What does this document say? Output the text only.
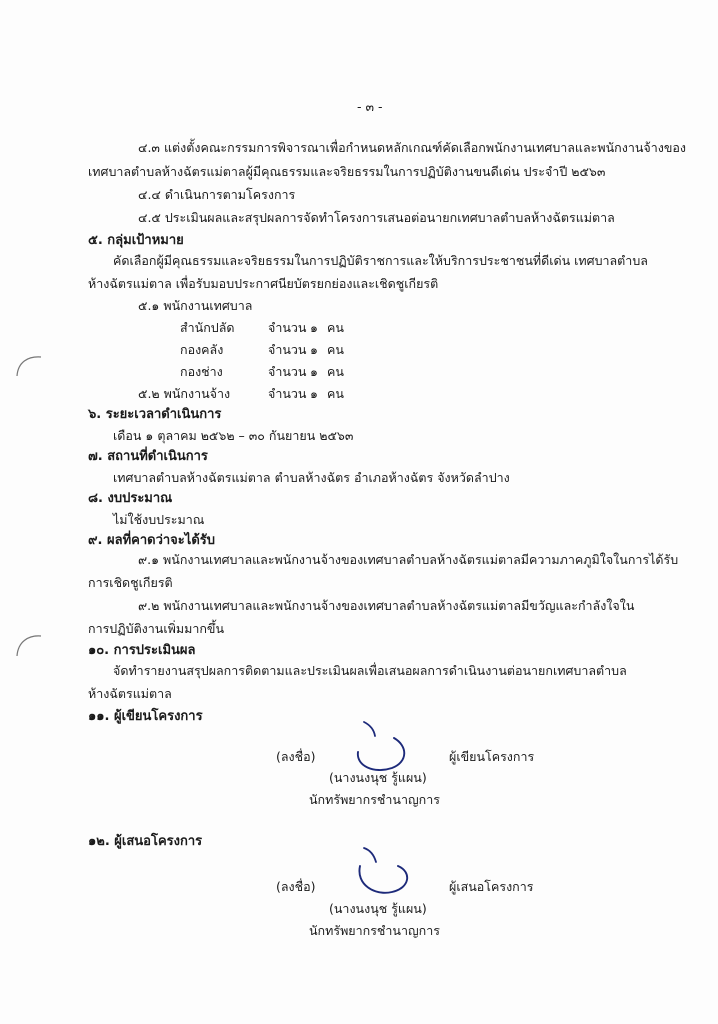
- ๓ -
๔.๓ แต่งตั้งคณะกรรมการพิจารณาเพื่อกำหนดหลักเกณฑ์คัดเลือกพนักงานเทศบาลและพนักงานจ้างของ
เทศบาลตำบลห้างฉัตรแม่ตาลผู้มีคุณธรรมและจริยธรรมในการปฏิบัติงานขนดีเด่น ประจำปี ๒๕๖๓
๔.๔ ดำเนินการตามโครงการ
๔.๕ ประเมินผลและสรุปผลการจัดทำโครงการเสนอต่อนายกเทศบาลตำบลห้างฉัตรแม่ตาล
๕. กลุ่มเป้าหมาย
คัดเลือกผู้มีคุณธรรมและจริยธรรมในการปฏิบัติราชการและให้บริการประชาชนที่ดีเด่น เทศบาลตำบล
ห้างฉัตรแม่ตาล เพื่อรับมอบประกาศนียบัตรยกย่องและเชิดชูเกียรติ
๕.๑ พนักงานเทศบาล
สำนักปลัด	จำนวน ๑ คน
กองคลัง	จำนวน ๑ คน
กองช่าง	จำนวน ๑ คน
๕.๒ พนักงานจ้าง	จำนวน ๑ คน
๖. ระยะเวลาดำเนินการ
เดือน ๑ ตุลาคม ๒๕๖๒ – ๓๐ กันยายน ๒๕๖๓
๗. สถานที่ดำเนินการ
เทศบาลตำบลห้างฉัตรแม่ตาล ตำบลห้างฉัตร อำเภอห้างฉัตร จังหวัดลำปาง
๘. งบประมาณ
ไม่ใช้งบประมาณ
๙. ผลที่คาดว่าจะได้รับ
๙.๑ พนักงานเทศบาลและพนักงานจ้างของเทศบาลตำบลห้างฉัตรแม่ตาลมีความภาคภูมิใจในการได้รับ
การเชิดชูเกียรติ
๙.๒ พนักงานเทศบาลและพนักงานจ้างของเทศบาลตำบลห้างฉัตรแม่ตาลมีขวัญและกำลังใจใน
การปฏิบัติงานเพิ่มมากขึ้น
๑๐. การประเมินผล
จัดทำรายงานสรุปผลการติดตามและประเมินผลเพื่อเสนอผลการดำเนินงานต่อนายกเทศบาลตำบล
ห้างฉัตรแม่ตาล
๑๑. ผู้เขียนโครงการ
(ลงชื่อ)	ผู้เขียนโครงการ
(นางนงนุช รู้แผน)
นักทรัพยากรชำนาญการ
๑๒. ผู้เสนอโครงการ
(ลงชื่อ)	ผู้เสนอโครงการ
(นางนงนุช รู้แผน)
นักทรัพยากรชำนาญการ
